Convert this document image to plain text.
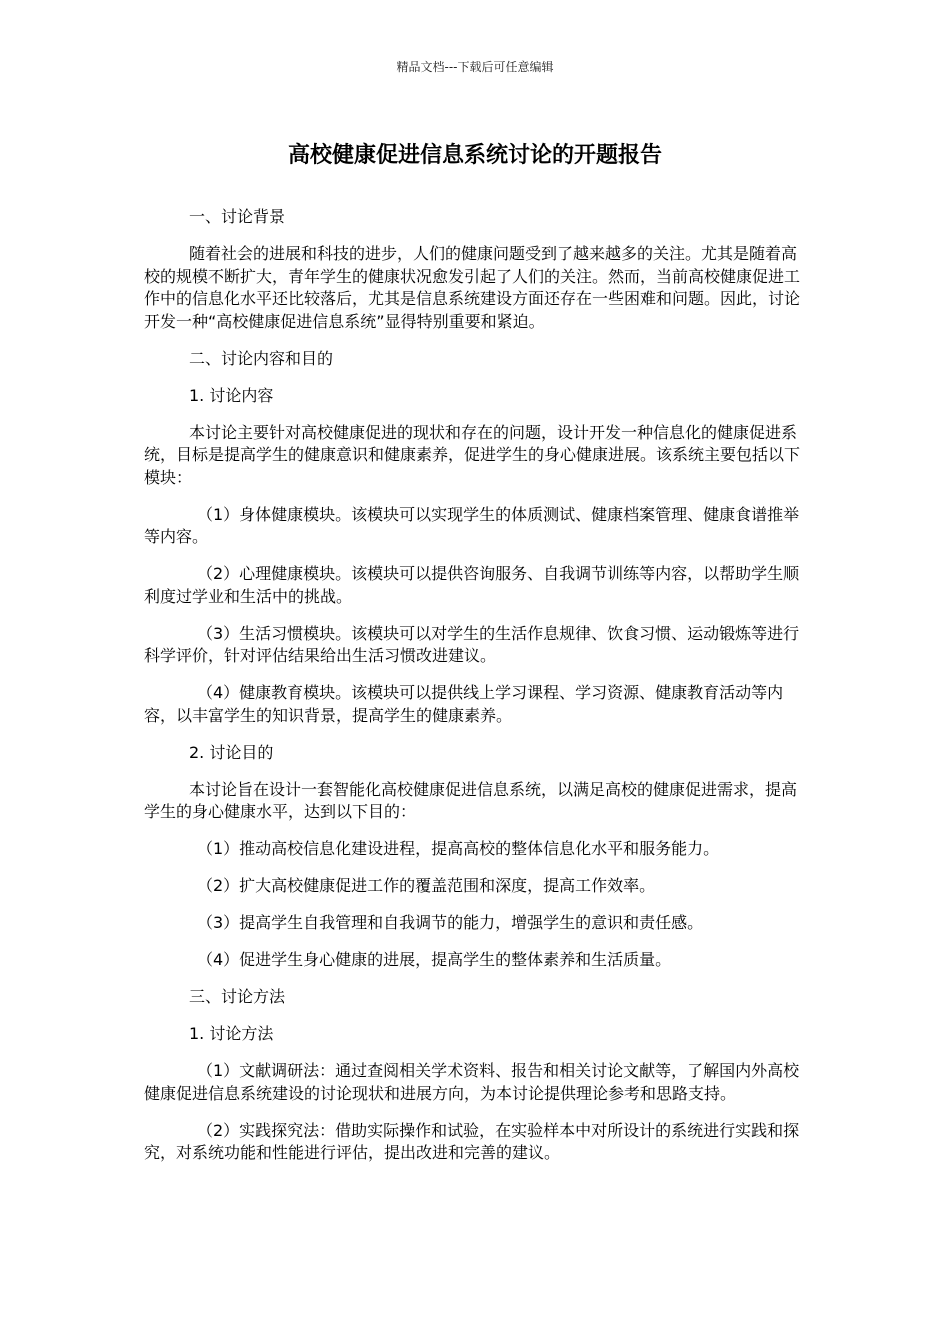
精品文档---下载后可任意编辑
高校健康促进信息系统讨论的开题报告

一、讨论背景

随着社会的进展和科技的进步，人们的健康问题受到了越来越多的关注。尤其是随着高校的规模不断扩大，青年学生的健康状况愈发引起了人们的关注。然而，当前高校健康促进工作中的信息化水平还比较落后，尤其是信息系统建设方面还存在一些困难和问题。因此，讨论开发一种“高校健康促进信息系统”显得特别重要和紧迫。

二、讨论内容和目的

1. 讨论内容

本讨论主要针对高校健康促进的现状和存在的问题，设计开发一种信息化的健康促进系统，目标是提高学生的健康意识和健康素养，促进学生的身心健康进展。该系统主要包括以下模块：

（1）身体健康模块。该模块可以实现学生的体质测试、健康档案管理、健康食谱推举等内容。

（2）心理健康模块。该模块可以提供咨询服务、自我调节训练等内容，以帮助学生顺利度过学业和生活中的挑战。

（3）生活习惯模块。该模块可以对学生的生活作息规律、饮食习惯、运动锻炼等进行科学评价，针对评估结果给出生活习惯改进建议。

（4）健康教育模块。该模块可以提供线上学习课程、学习资源、健康教育活动等内容，以丰富学生的知识背景，提高学生的健康素养。

2. 讨论目的

本讨论旨在设计一套智能化高校健康促进信息系统，以满足高校的健康促进需求，提高学生的身心健康水平，达到以下目的：

（1）推动高校信息化建设进程，提高高校的整体信息化水平和服务能力。

（2）扩大高校健康促进工作的覆盖范围和深度，提高工作效率。

（3）提高学生自我管理和自我调节的能力，增强学生的意识和责任感。

（4）促进学生身心健康的进展，提高学生的整体素养和生活质量。

三、讨论方法

1. 讨论方法

（1）文献调研法：通过查阅相关学术资料、报告和相关讨论文献等，了解国内外高校健康促进信息系统建设的讨论现状和进展方向，为本讨论提供理论参考和思路支持。

（2）实践探究法：借助实际操作和试验，在实验样本中对所设计的系统进行实践和探究，对系统功能和性能进行评估，提出改进和完善的建议。
